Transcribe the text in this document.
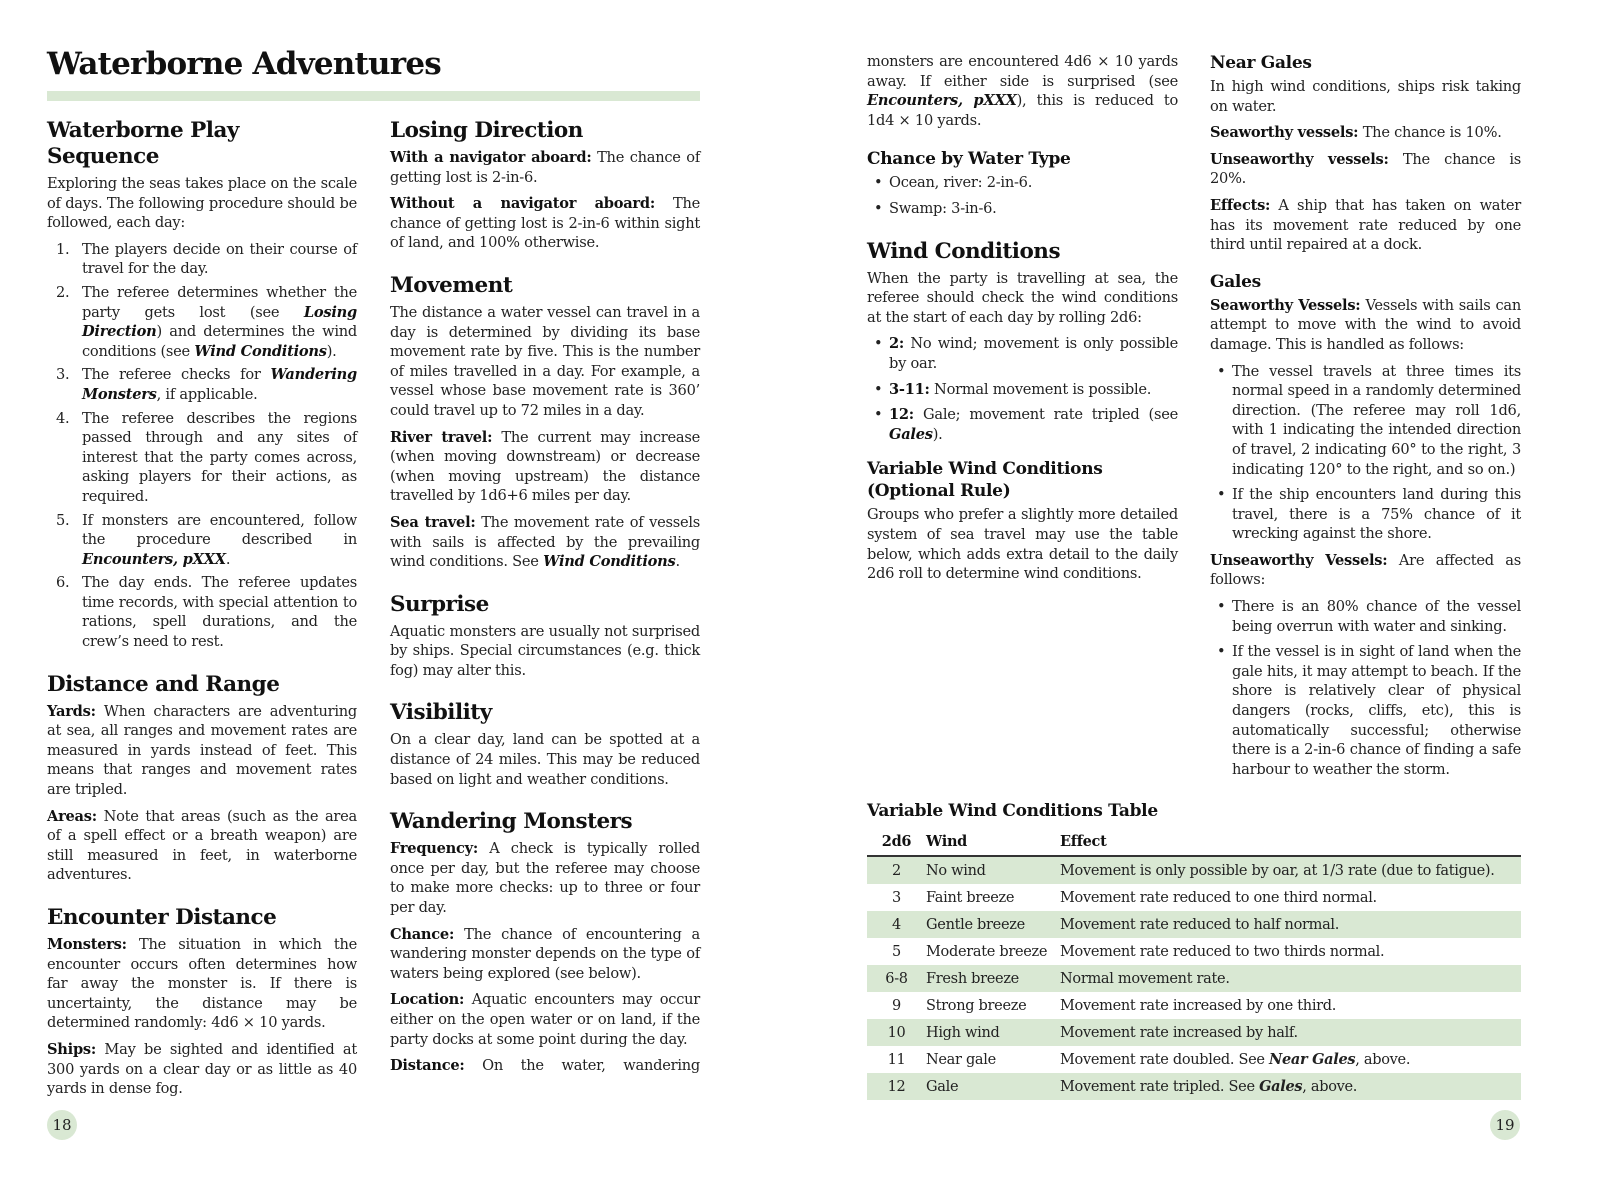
Waterborne Adventures
Waterborne Play Sequence

Exploring the seas takes place on the scale of days. The following procedure should be followed, each day:

1. The players decide on their course of travel for the day.
2. The referee determines whether the party gets lost (see Losing Direction) and determines the wind conditions (see Wind Conditions).
3. The referee checks for Wandering Monsters, if applicable.
4. The referee describes the regions passed through and any sites of interest that the party comes across, asking players for their actions, as required.
5. If monsters are encountered, follow the procedure described in Encounters, pXXX.
6. The day ends. The referee updates time records, with special attention to rations, spell durations, and the crew’s need to rest.
Distance and Range

Yards: When characters are adventuring at sea, all ranges and movement rates are measured in yards instead of feet. This means that ranges and movement rates are tripled.

Areas: Note that areas (such as the area of a spell effect or a breath weapon) are still measured in feet, in waterborne adventures.

Encounter Distance

Monsters: The situation in which the encounter occurs often determines how far away the monster is. If there is uncertainty, the distance may be determined randomly: 4d6 × 10 yards.

Ships: May be sighted and identified at 300 yards on a clear day or as little as 40 yards in dense fog.

Losing Direction

With a navigator aboard: The chance of getting lost is 2-in-6.

Without a navigator aboard: The chance of getting lost is 2-in-6 within sight of land, and 100% otherwise.

Movement

The distance a water vessel can travel in a day is determined by dividing its base movement rate by five. This is the number of miles travelled in a day. For example, a vessel whose base movement rate is 360’ could travel up to 72 miles in a day.

River travel: The current may increase (when moving downstream) or decrease (when moving upstream) the distance travelled by 1d6+6 miles per day.

Sea travel: The movement rate of vessels with sails is affected by the prevailing wind conditions. See Wind Conditions.

Surprise

Aquatic monsters are usually not surprised by ships. Special circumstances (e.g. thick fog) may alter this.

Visibility

On a clear day, land can be spotted at a distance of 24 miles. This may be reduced based on light and weather conditions.

Wandering Monsters

Frequency: A check is typically rolled once per day, but the referee may choose to make more checks: up to three or four per day.

Chance: The chance of encountering a wandering monster depends on the type of waters being explored (see below).

Location: Aquatic encounters may occur either on the open water or on land, if the party docks at some point during the day.

Distance: On the water, wandering

monsters are encountered 4d6 × 10 yards away. If either side is surprised (see Encounters, pXXX), this is reduced to 1d4 × 10 yards.

Chance by Water Type
• Ocean, river: 2-in-6.
• Swamp: 3-in-6.
Wind Conditions

When the party is travelling at sea, the referee should check the wind conditions at the start of each day by rolling 2d6:

• 2: No wind; movement is only possible by oar.
• 3-11: Normal movement is possible.
• 12: Gale; movement rate tripled (see Gales).
Variable Wind Conditions
(Optional Rule)

Groups who prefer a slightly more detailed system of sea travel may use the table below, which adds extra detail to the daily 2d6 roll to determine wind conditions.

Near Gales

In high wind conditions, ships risk taking on water.

Seaworthy vessels: The chance is 10%.

Unseaworthy vessels: The chance is 20%.

Effects: A ship that has taken on water has its movement rate reduced by one third until repaired at a dock.

Gales

Seaworthy Vessels: Vessels with sails can attempt to move with the wind to avoid damage. This is handled as follows:

• The vessel travels at three times its normal speed in a randomly determined direction. (The referee may roll 1d6, with 1 indicating the intended direction of travel, 2 indicating 60° to the right, 3 indicating 120° to the right, and so on.)
• If the ship encounters land during this travel, there is a 75% chance of it wrecking against the shore.

Unseaworthy Vessels: Are affected as follows:

• There is an 80% chance of the vessel being overrun with water and sinking.
• If the vessel is in sight of land when the gale hits, it may attempt to beach. If the shore is relatively clear of physical dangers (rocks, cliffs, etc), this is automatically successful; otherwise there is a 2-in-6 chance of finding a safe harbour to weather the storm.
Variable Wind Conditions Table
2d6	Wind	Effect
2	No wind	Movement is only possible by oar, at 1/3 rate (due to fatigue).
3	Faint breeze	Movement rate reduced to one third normal.
4	Gentle breeze	Movement rate reduced to half normal.
5	Moderate breeze	Movement rate reduced to two thirds normal.
6-8	Fresh breeze	Normal movement rate.
9	Strong breeze	Movement rate increased by one third.
10	High wind	Movement rate increased by half.
11	Near gale	Movement rate doubled. See Near Gales, above.
12	Gale	Movement rate tripled. See Gales, above.
18	19
